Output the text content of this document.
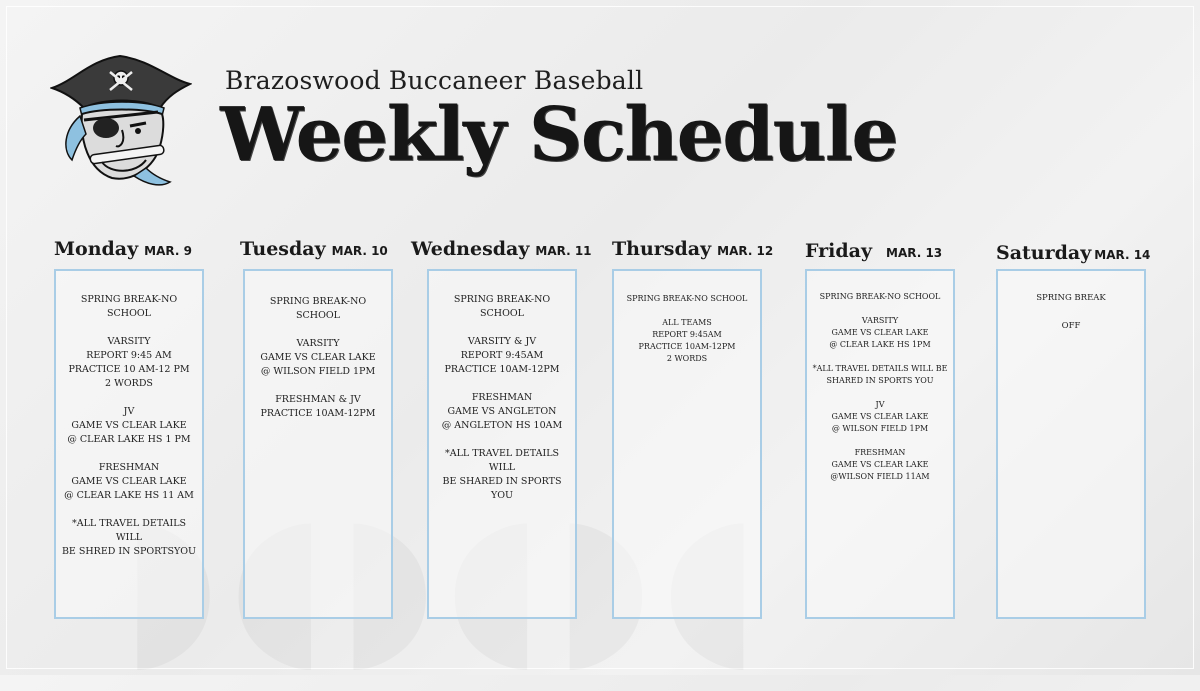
Brazoswood Buccaneer Baseball
Weekly Schedule
Monday MAR. 9
SPRING BREAK-NO SCHOOL
VARSITY
REPORT 9:45 AM
PRACTICE 10 AM-12 PM
2 WORDS
JV
GAME VS CLEAR LAKE
@ CLEAR LAKE HS 1 PM
FRESHMAN
GAME VS CLEAR LAKE
@ CLEAR LAKE HS 11 AM
*ALL TRAVEL DETAILS WILL
BE SHRED IN SPORTSYOU
Tuesday MAR. 10
SPRING BREAK-NO SCHOOL
VARSITY
GAME VS CLEAR LAKE
@ WILSON FIELD 1PM
FRESHMAN & JV
PRACTICE 10AM-12PM
Wednesday MAR. 11
SPRING BREAK-NO SCHOOL
VARSITY & JV
REPORT 9:45AM
PRACTICE 10AM-12PM
FRESHMAN
GAME VS ANGLETON
@ ANGLETON HS 10AM
*ALL TRAVEL DETAILS WILL
BE SHARED IN SPORTS YOU
Thursday MAR. 12
SPRING BREAK-NO SCHOOL
ALL TEAMS
REPORT 9:45AM
PRACTICE 10AM-12PM
2 WORDS
Friday MAR. 13
SPRING BREAK-NO SCHOOL
VARSITY
GAME VS CLEAR LAKE
@ CLEAR LAKE HS 1PM
*ALL TRAVEL DETAILS WILL BE
SHARED IN SPORTS YOU
JV
GAME VS CLEAR LAKE
@ WILSON FIELD 1PM
FRESHMAN
GAME VS CLEAR LAKE
@WILSON FIELD 11AM
Saturday MAR. 14
SPRING BREAK
OFF
